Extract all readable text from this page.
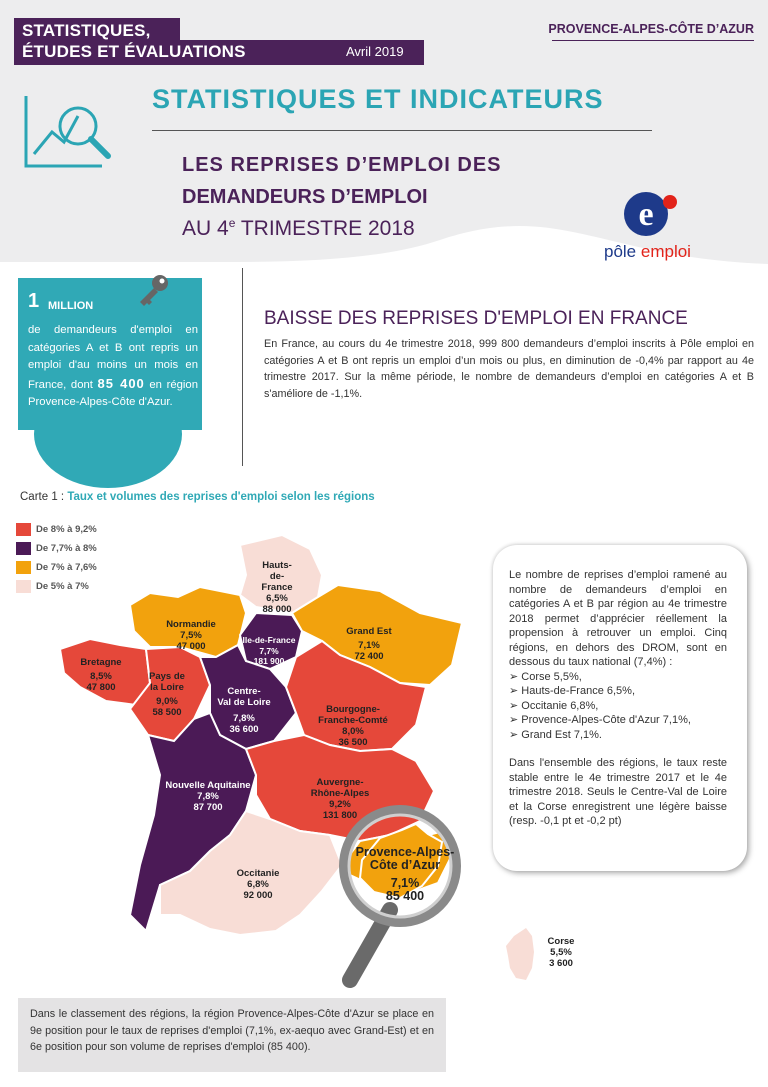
STATISTIQUES,
ÉTUDES ET ÉVALUATIONS	Avril 2019
PROVENCE-ALPES-CÔTE D’AZUR
STATISTIQUES ET INDICATEURS
LES REPRISES D’EMPLOI DES
DEMANDEURS D’EMPLOI
AU 4e TRIMESTRE 2018	e
pôle emploi
1 MILLION
de demandeurs d'emploi en catégories A et B ont repris un emploi d'au moins un mois en France, dont 85 400 en région Provence-Alpes-Côte d'Azur.
BAISSE DES REPRISES D'EMPLOI EN FRANCE
En France, au cours du 4e trimestre 2018, 999 800 demandeurs d’emploi inscrits à Pôle emploi en catégories A et B ont repris un emploi d’un mois ou plus, en diminution de -0,4% par rapport au 4e trimestre 2017. Sur la même période, le nombre de demandeurs d’emploi en catégories A et B s'améliore de -1,1%.
Carte 1 : Taux et volumes des reprises d'emploi selon les régions
De 8% à 9,2%
De 7,7% à 8%
De 7% à 7,6%
De 5% à 7%
Hauts-
de-
France
6,5%
88 000
Normandie
7,5%
47 000
Ile-de-France
7,7%
181 900
Grand Est
7,1%
72 400
Bretagne
8,5%
47 800
Pays de
la Loire
9,0%
58 500
Centre-
Val de Loire
7,8%
36 600
Bourgogne-
Franche-Comté
8,0%
36 500
Nouvelle Aquitaine
7,8%
87 700
Auvergne-
Rhône-Alpes
9,2%
131 800
Occitanie
6,8%
92 000
Provence-Alpes-
Côte d’Azur
7,1%
85 400
Corse
5,5%
3 600
Le nombre de reprises d’emploi ramené au nombre de demandeurs d’emploi en catégories A et B par région au 4e trimestre 2018 permet d’apprécier réellement la propension à retrouver un emploi. Cinq régions, en dehors des DROM, sont en dessous du taux national (7,4%) :
➢ Corse 5,5%,
➢ Hauts-de-France 6,5%,
➢ Occitanie 6,8%,
➢ Provence-Alpes-Côte d'Azur 7,1%,
➢ Grand Est 7,1%.
Dans l'ensemble des régions, le taux reste stable entre le 4e trimestre 2017 et le 4e trimestre 2018. Seuls le Centre-Val de Loire et la Corse enregistrent une légère baisse (resp. -0,1 pt et -0,2 pt)
Dans le classement des régions, la région Provence-Alpes-Côte d'Azur se place en 9e position pour le taux de reprises d'emploi (7,1%, ex-aequo avec Grand-Est) et en 6e position pour son volume de reprises d'emploi (85 400).
